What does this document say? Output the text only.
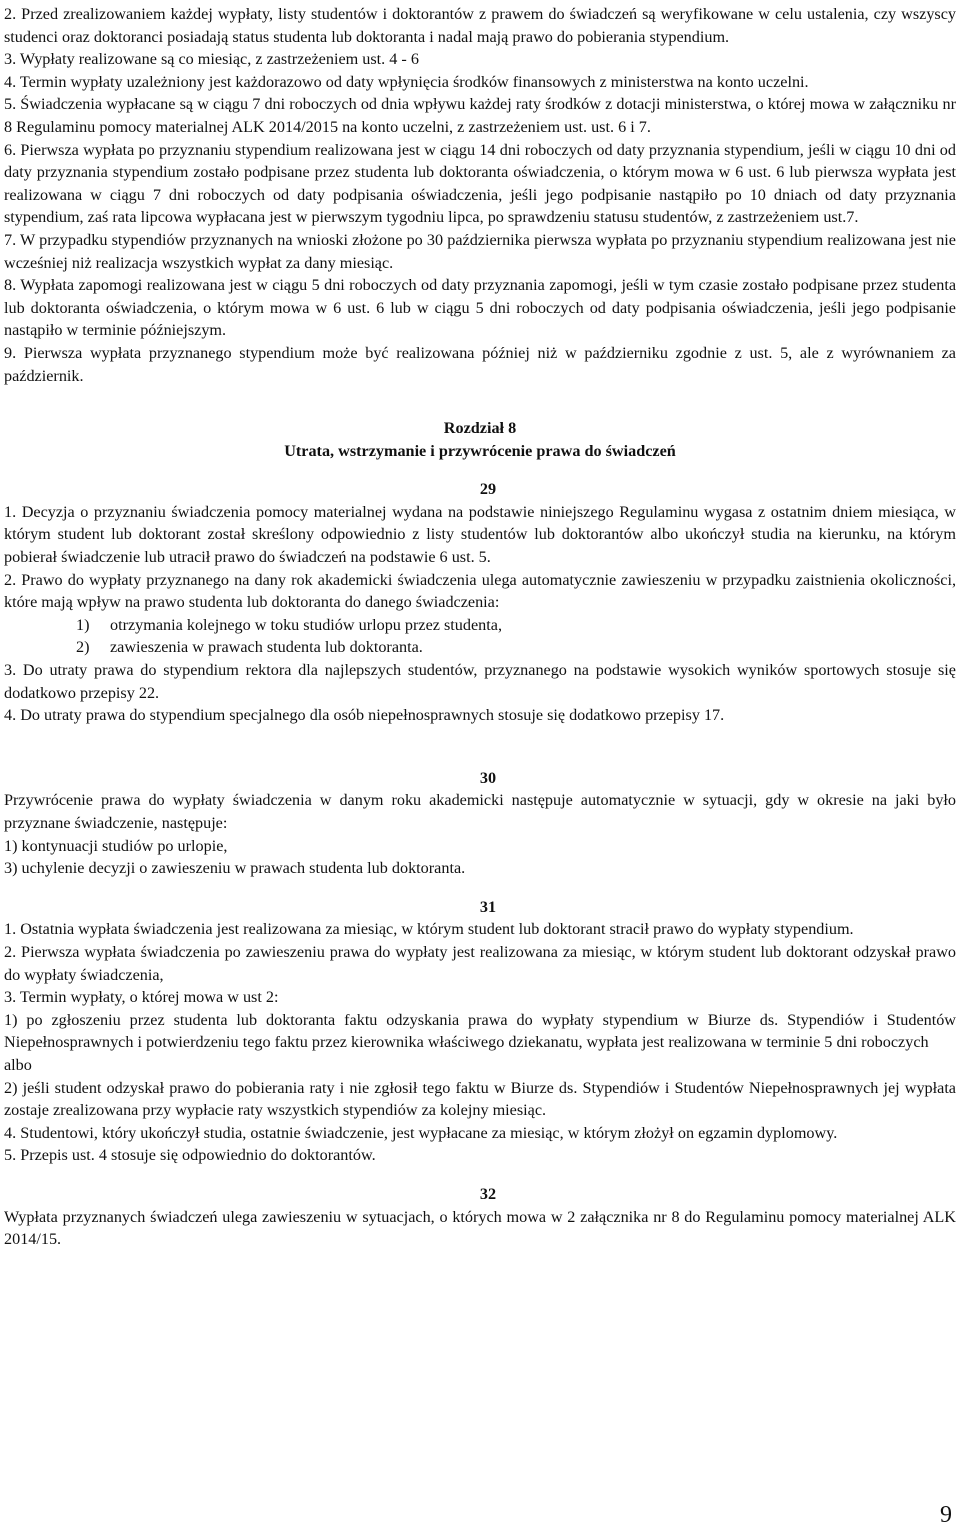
2. Przed zrealizowaniem każdej wypłaty, listy studentów i doktorantów z prawem do świadczeń są weryfikowane w celu ustalenia, czy wszyscy studenci oraz doktoranci posiadają status studenta lub doktoranta i nadal mają prawo do pobierania stypendium.

3. Wypłaty realizowane są co miesiąc, z zastrzeżeniem ust. 4 - 6

4. Termin wypłaty uzależniony jest każdorazowo od daty wpłynięcia środków finansowych z ministerstwa na konto uczelni.

5. Świadczenia wypłacane są w ciągu 7 dni roboczych od dnia wpływu każdej raty środków z dotacji ministerstwa, o której mowa w załączniku nr 8 Regulaminu pomocy materialnej ALK 2014/2015 na konto uczelni, z zastrzeżeniem ust. ust. 6 i 7.

6. Pierwsza wypłata po przyznaniu stypendium realizowana jest w ciągu 14 dni roboczych od daty przyznania stypendium, jeśli w ciągu 10 dni od daty przyznania stypendium zostało podpisane przez studenta lub doktoranta oświadczenia, o którym mowa w 6 ust. 6 lub pierwsza wypłata jest realizowana w ciągu 7 dni roboczych od daty podpisania oświadczenia, jeśli jego podpisanie nastąpiło po 10 dniach od daty przyznania stypendium, zaś rata lipcowa wypłacana jest w pierwszym tygodniu lipca, po sprawdzeniu statusu studentów, z zastrzeżeniem ust.7.

7. W przypadku stypendiów przyznanych na wnioski złożone po 30 października pierwsza wypłata po przyznaniu stypendium realizowana jest nie wcześniej niż realizacja wszystkich wypłat za dany miesiąc.

8. Wypłata zapomogi realizowana jest w ciągu 5 dni roboczych od daty przyznania zapomogi, jeśli w tym czasie zostało podpisane przez studenta lub doktoranta oświadczenia, o którym mowa w 6 ust. 6 lub w ciągu 5 dni roboczych od daty podpisania oświadczenia, jeśli jego podpisanie nastąpiło w terminie późniejszym.

9. Pierwsza wypłata przyznanego stypendium może być realizowana później niż w październiku zgodnie z ust. 5, ale z wyrównaniem za październik.

Rozdział 8

Utrata, wstrzymanie i przywrócenie prawa do świadczeń

29

1. Decyzja o przyznaniu świadczenia pomocy materialnej wydana na podstawie niniejszego Regulaminu wygasa z ostatnim dniem miesiąca, w którym student lub doktorant został skreślony odpowiednio z listy studentów lub doktorantów albo ukończył studia na kierunku, na którym pobierał świadczenie lub utracił prawo do świadczeń na podstawie 6 ust. 5.

2. Prawo do wypłaty przyznanego na dany rok akademicki świadczenia ulega automatycznie zawieszeniu w przypadku zaistnienia okoliczności, które mają wpływ na prawo studenta lub doktoranta do danego świadczenia:

1)	otrzymania kolejnego w toku studiów urlopu przez studenta,
2)	zawieszenia w prawach studenta lub doktoranta.

3. Do utraty prawa do stypendium rektora dla najlepszych studentów, przyznanego na podstawie wysokich wyników sportowych stosuje się dodatkowo przepisy 22.

4. Do utraty prawa do stypendium specjalnego dla osób niepełnosprawnych stosuje się dodatkowo przepisy 17.

30

Przywrócenie prawa do wypłaty świadczenia w danym roku akademicki następuje automatycznie w sytuacji, gdy w okresie na jaki było przyznane świadczenie, następuje:

1) kontynuacji studiów po urlopie,

3) uchylenie decyzji o zawieszeniu w prawach studenta lub doktoranta.

31

1. Ostatnia wypłata świadczenia jest realizowana za miesiąc, w którym student lub doktorant stracił prawo do wypłaty stypendium.

2. Pierwsza wypłata świadczenia po zawieszeniu prawa do wypłaty jest realizowana za miesiąc, w którym student lub doktorant odzyskał prawo do wypłaty świadczenia,

3. Termin wypłaty, o której mowa w ust 2:

1) po zgłoszeniu przez studenta lub doktoranta faktu odzyskania prawa do wypłaty stypendium w Biurze ds. Stypendiów i Studentów Niepełnosprawnych i potwierdzeniu tego faktu przez kierownika właściwego dziekanatu, wypłata jest realizowana w terminie 5 dni roboczych

albo

2) jeśli student odzyskał prawo do pobierania raty i nie zgłosił tego faktu w Biurze ds. Stypendiów i Studentów Niepełnosprawnych jej wypłata zostaje zrealizowana przy wypłacie raty wszystkich stypendiów za kolejny miesiąc.

4. Studentowi, który ukończył studia, ostatnie świadczenie, jest wypłacane za miesiąc, w którym złożył on egzamin dyplomowy.

5. Przepis ust. 4 stosuje się odpowiednio do doktorantów.

32

Wypłata przyznanych świadczeń ulega zawieszeniu w sytuacjach, o których mowa w 2 załącznika nr 8 do Regulaminu pomocy materialnej ALK 2014/15.

9
